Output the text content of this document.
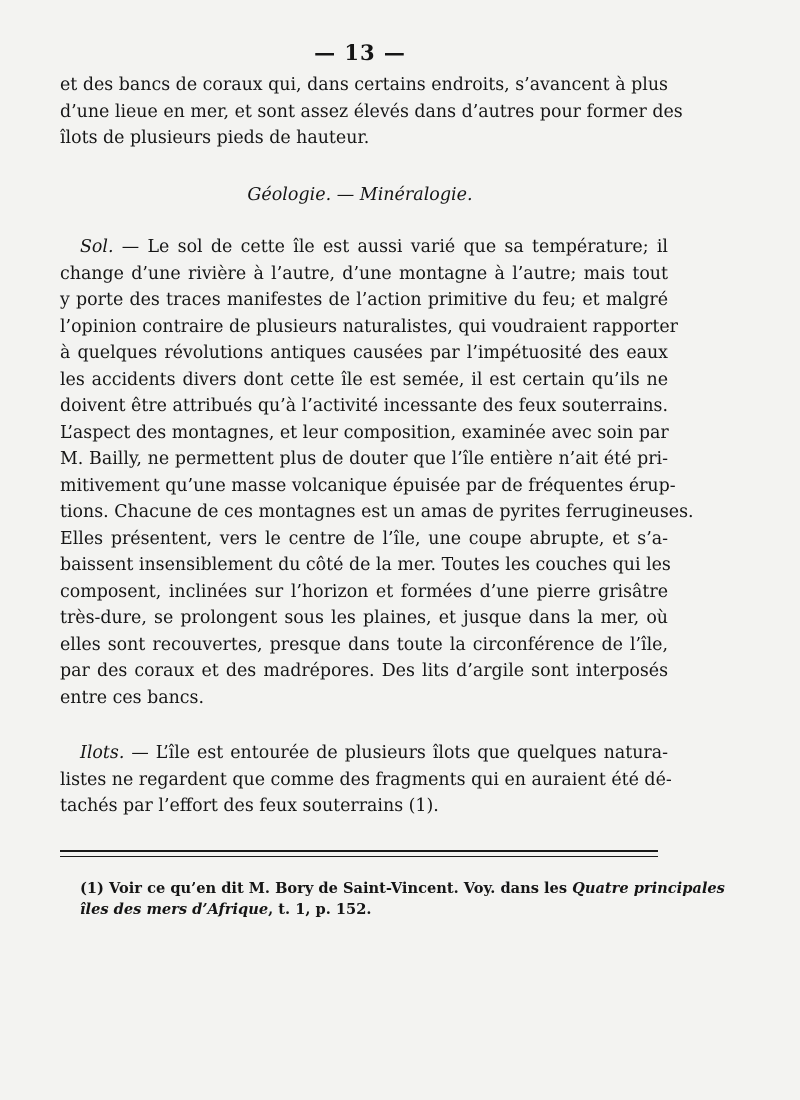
— 13 —
et des bancs de coraux qui, dans certains endroits, s’avancent à plus
d’une lieue en mer, et sont assez élevés dans d’autres pour former des
îlots de plusieurs pieds de hauteur.
Géologie. — Minéralogie.
Sol. — Le sol de cette île est aussi varié que sa température; il
change d’une rivière à l’autre, d’une montagne à l’autre; mais tout
y porte des traces manifestes de l’action primitive du feu; et malgré
l’opinion contraire de plusieurs naturalistes, qui voudraient rapporter
à quelques révolutions antiques causées par l’impétuosité des eaux
les accidents divers dont cette île est semée, il est certain qu’ils ne
doivent être attribués qu’à l’activité incessante des feux souterrains.
L’aspect des montagnes, et leur composition, examinée avec soin par
M. Bailly, ne permettent plus de douter que l’île entière n’ait été pri-
mitivement qu’une masse volcanique épuisée par de fréquentes érup-
tions. Chacune de ces montagnes est un amas de pyrites ferrugineuses.
Elles présentent, vers le centre de l’île, une coupe abrupte, et s’a-
baissent insensiblement du côté de la mer. Toutes les couches qui les
composent, inclinées sur l’horizon et formées d’une pierre grisâtre
très-dure, se prolongent sous les plaines, et jusque dans la mer, où
elles sont recouvertes, presque dans toute la circonférence de l’île,
par des coraux et des madrépores. Des lits d’argile sont interposés
entre ces bancs.
Ilots. — L’île est entourée de plusieurs îlots que quelques natura-
listes ne regardent que comme des fragments qui en auraient été dé-
tachés par l’effort des feux souterrains (1).
(1) Voir ce qu’en dit M. Bory de Saint-Vincent. Voy. dans les Quatre principales
îles des mers d’Afrique, t. 1, p. 152.
